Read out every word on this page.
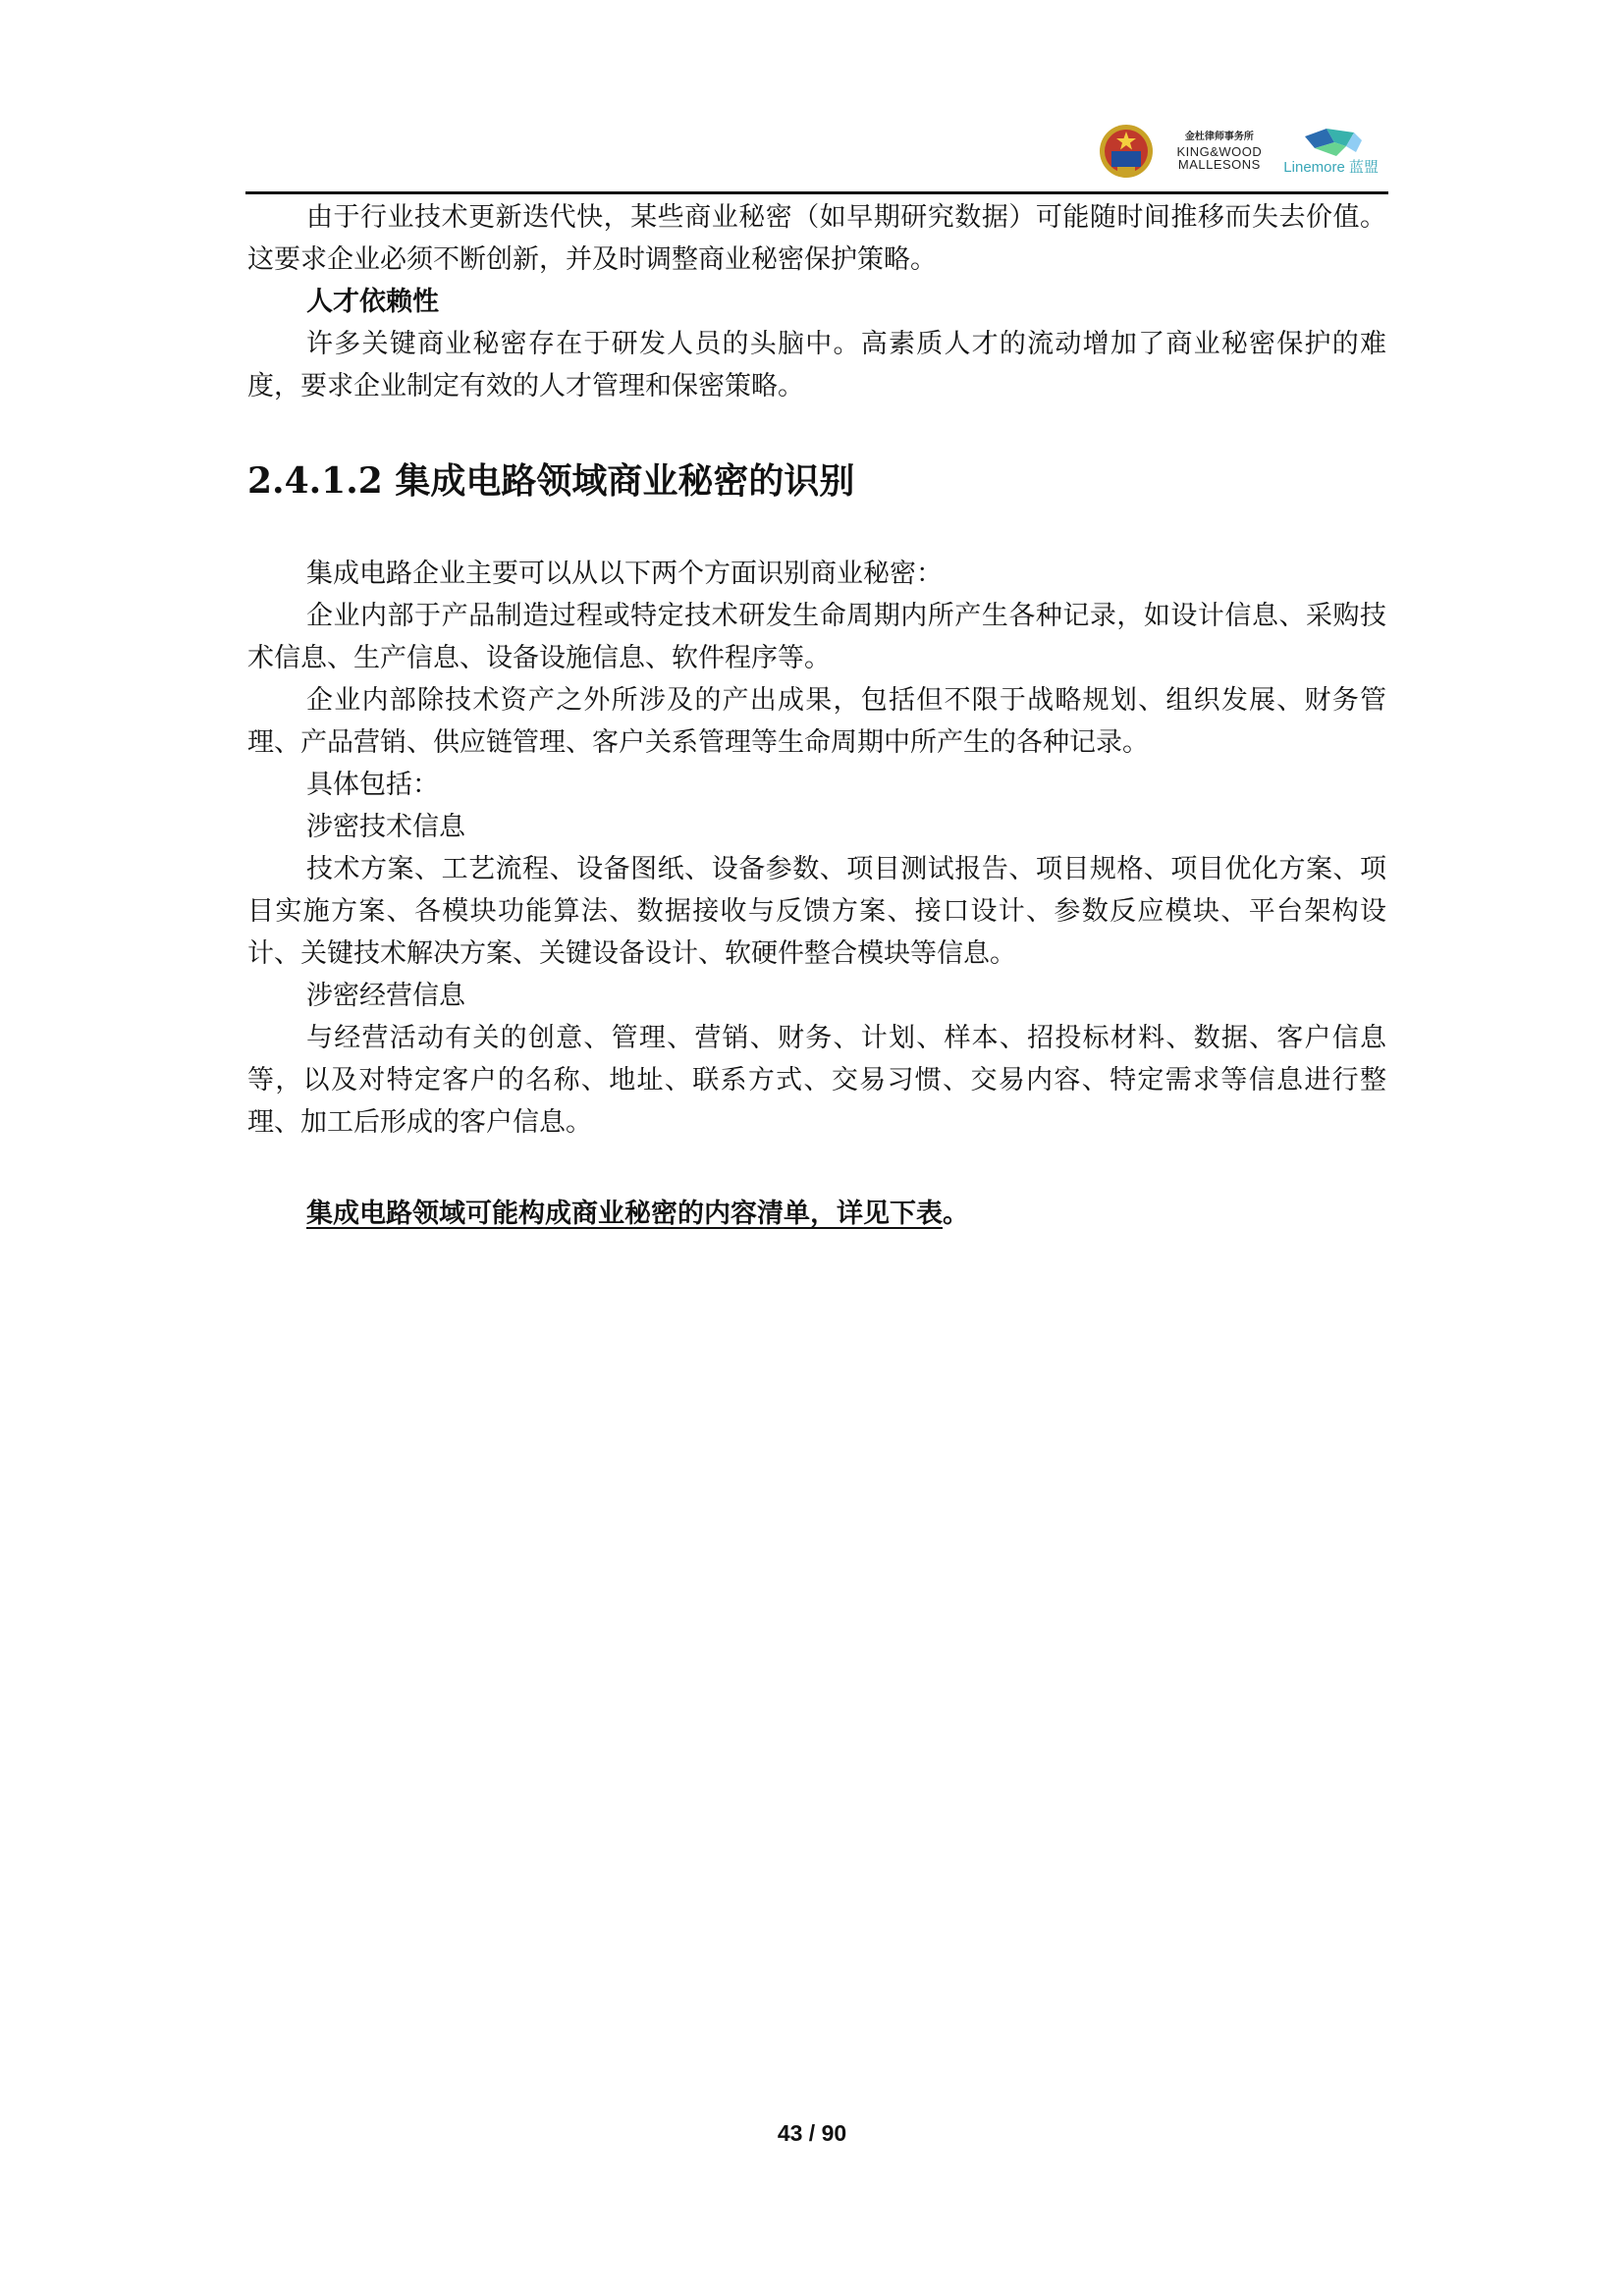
金杜律师事务所
KING&WOOD
MALLESONS Linemore 蓝盟

由于行业技术更新迭代快，某些商业秘密（如早期研究数据）可能随时间推移而失去价值。这要求企业必须不断创新，并及时调整商业秘密保护策略。

人才依赖性

许多关键商业秘密存在于研发人员的头脑中。高素质人才的流动增加了商业秘密保护的难度，要求企业制定有效的人才管理和保密策略。

2.4.1.2 集成电路领域商业秘密的识别

集成电路企业主要可以从以下两个方面识别商业秘密：

企业内部于产品制造过程或特定技术研发生命周期内所产生各种记录，如设计信息、采购技术信息、生产信息、设备设施信息、软件程序等。

企业内部除技术资产之外所涉及的产出成果，包括但不限于战略规划、组织发展、财务管理、产品营销、供应链管理、客户关系管理等生命周期中所产生的各种记录。

具体包括：

涉密技术信息

技术方案、工艺流程、设备图纸、设备参数、项目测试报告、项目规格、项目优化方案、项目实施方案、各模块功能算法、数据接收与反馈方案、接口设计、参数反应模块、平台架构设计、关键技术解决方案、关键设备设计、软硬件整合模块等信息。

涉密经营信息

与经营活动有关的创意、管理、营销、财务、计划、样本、招投标材料、数据、客户信息等，以及对特定客户的名称、地址、联系方式、交易习惯、交易内容、特定需求等信息进行整理、加工后形成的客户信息。

集成电路领域可能构成商业秘密的内容清单，详见下表。
43 / 90
